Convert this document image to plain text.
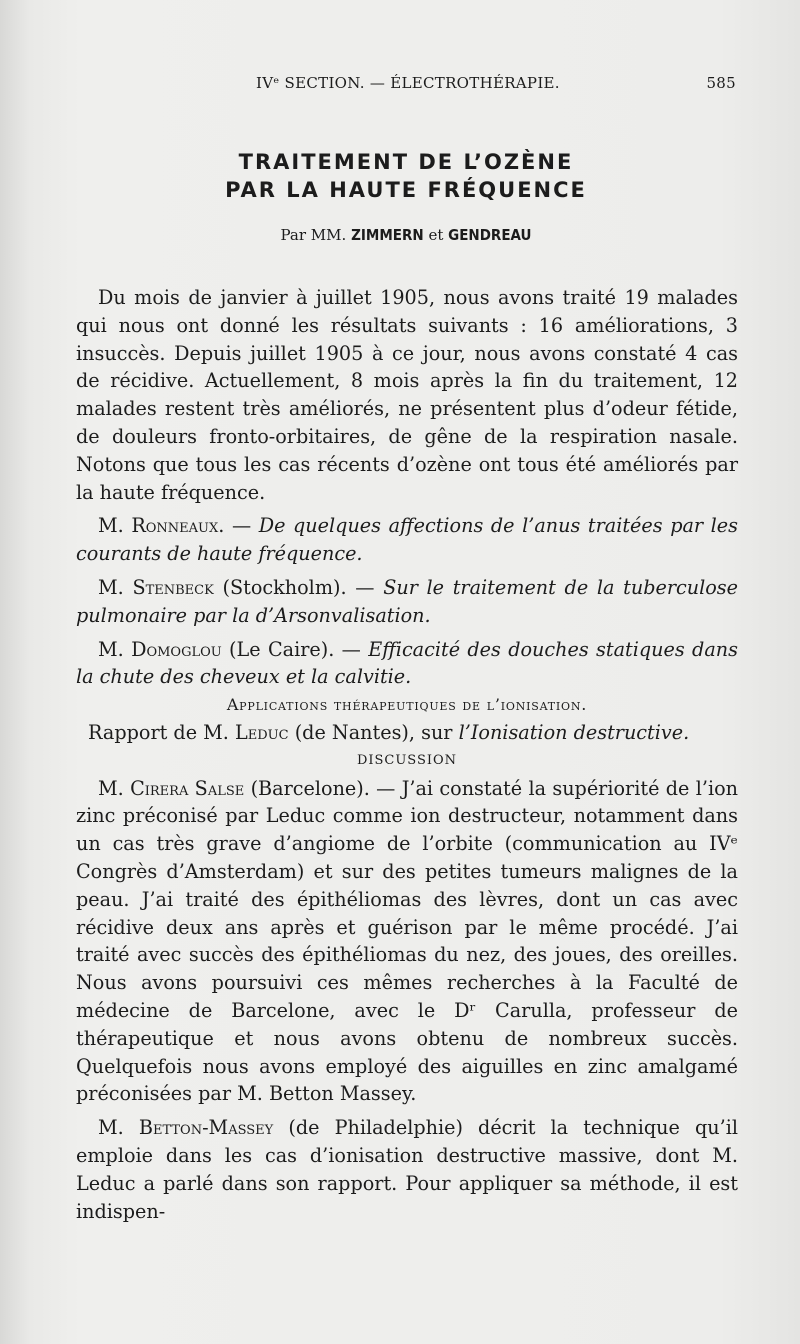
IVᵉ SECTION. — ÉLECTROTHÉRAPIE.	585
TRAITEMENT DE L’OZÈNE
PAR LA HAUTE FRÉQUENCE
Par MM. ZIMMERN et GENDREAU

Du mois de janvier à juillet 1905, nous avons traité 19 malades qui nous ont donné les résultats suivants : 16 améliorations, 3 insuccès. Depuis juillet 1905 à ce jour, nous avons constaté 4 cas de récidive. Actuellement, 8 mois après la fin du traitement, 12 malades restent très améliorés, ne présentent plus d’odeur fétide, de douleurs fronto-orbitaires, de gêne de la respiration nasale. Notons que tous les cas récents d’ozène ont tous été améliorés par la haute fréquence.

M. Ronneaux. — De quelques affections de l’anus traitées par les courants de haute fréquence.

M. Stenbeck (Stockholm). — Sur le traitement de la tuberculose pulmonaire par la d’Arsonvalisation.

M. Domoglou (Le Caire). — Efficacité des douches statiques dans la chute des cheveux et la calvitie.

Applications thérapeutiques de l’ionisation.

Rapport de M. Leduc (de Nantes), sur l’Ionisation destructive.

DISCUSSION

M. Cirera Salse (Barcelone). — J’ai constaté la supériorité de l’ion zinc préconisé par Leduc comme ion destructeur, notamment dans un cas très grave d’angiome de l’orbite (communication au IVᵉ Congrès d’Amsterdam) et sur des petites tumeurs malignes de la peau. J’ai traité des épithéliomas des lèvres, dont un cas avec récidive deux ans après et guérison par le même procédé. J’ai traité avec succès des épithéliomas du nez, des joues, des oreilles. Nous avons poursuivi ces mêmes recherches à la Faculté de médecine de Barcelone, avec le Dʳ Carulla, professeur de thérapeutique et nous avons obtenu de nombreux succès. Quelquefois nous avons employé des aiguilles en zinc amalgamé préconisées par M. Betton Massey.

M. Betton-Massey (de Philadelphie) décrit la technique qu’il emploie dans les cas d’ionisation destructive massive, dont M. Leduc a parlé dans son rapport. Pour appliquer sa méthode, il est indispen-
